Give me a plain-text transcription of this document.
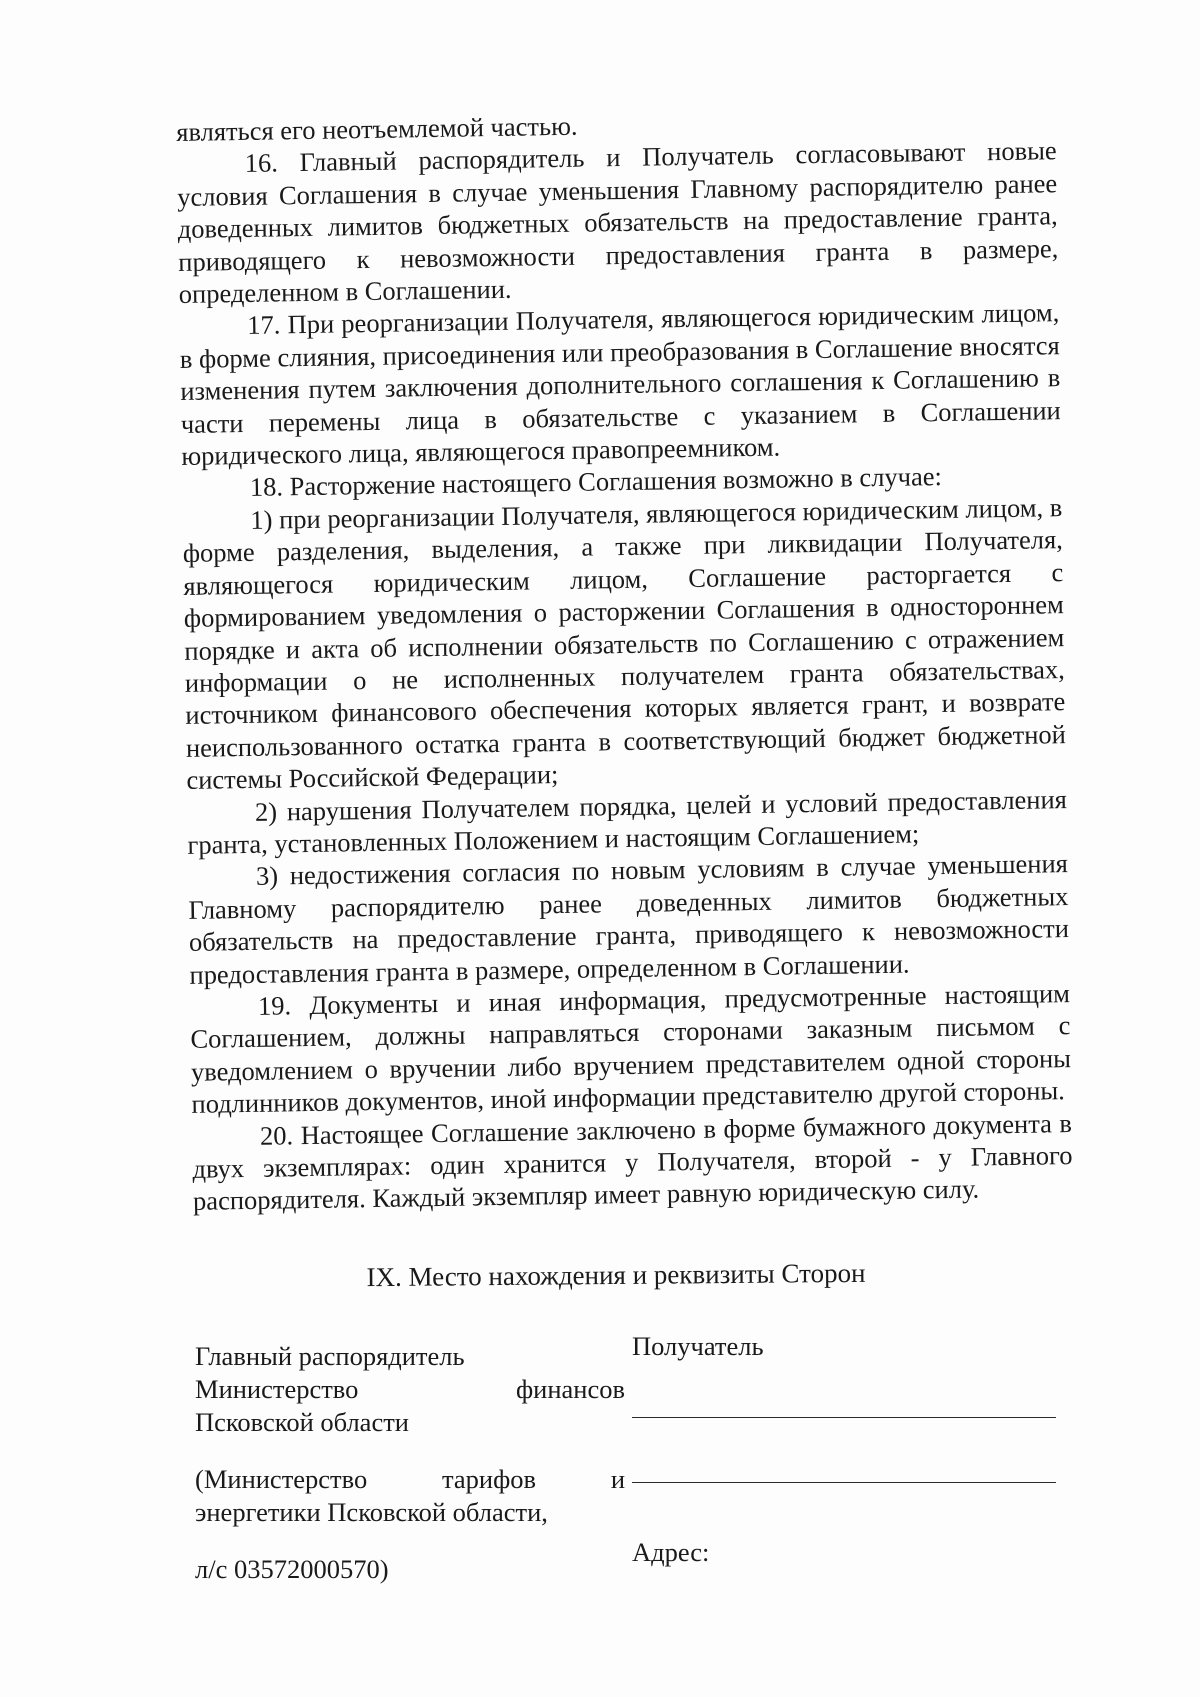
являться его неотъемлемой частью.

16. Главный распорядитель и Получатель согласовывают новые условия Соглашения в случае уменьшения Главному распорядителю ранее доведенных лимитов бюджетных обязательств на предоставление гранта, приводящего к невозможности предоставления гранта в размере, определенном в Соглашении.

17. При реорганизации Получателя, являющегося юридическим лицом, в форме слияния, присоединения или преобразования в Соглашение вносятся изменения путем заключения дополнительного соглашения к Соглашению в части перемены лица в обязательстве с указанием в Соглашении юридического лица, являющегося правопреемником.

18. Расторжение настоящего Соглашения возможно в случае:

1) при реорганизации Получателя, являющегося юридическим лицом, в форме разделения, выделения, а также при ликвидации Получателя, являющегося юридическим лицом, Соглашение расторгается с формированием уведомления о расторжении Соглашения в одностороннем порядке и акта об исполнении обязательств по Соглашению с отражением информации о не исполненных получателем гранта обязательствах, источником финансового обеспечения которых является грант, и возврате неиспользованного остатка гранта в соответствующий бюджет бюджетной системы Российской Федерации;

2) нарушения Получателем порядка, целей и условий предоставления гранта, установленных Положением и настоящим Соглашением;

3) недостижения согласия по новым условиям в случае уменьшения Главному распорядителю ранее доведенных лимитов бюджетных обязательств на предоставление гранта, приводящего к невозможности предоставления гранта в размере, определенном в Соглашении.

19. Документы и иная информация, предусмотренные настоящим Соглашением, должны направляться сторонами заказным письмом с уведомлением о вручении либо вручением представителем одной стороны подлинников документов, иной информации представителю другой стороны.

20. Настоящее Соглашение заключено в форме бумажного документа в двух экземплярах: один хранится у Получателя, второй - у Главного распорядителя. Каждый экземпляр имеет равную юридическую силу.

IX. Место нахождения и реквизиты Сторон

Главный распорядитель

Министерство	финансов

Псковской области

(Министерство	тарифов	и

энергетики Псковской области,

л/с 03572000570)

Получатель
Адрес:
